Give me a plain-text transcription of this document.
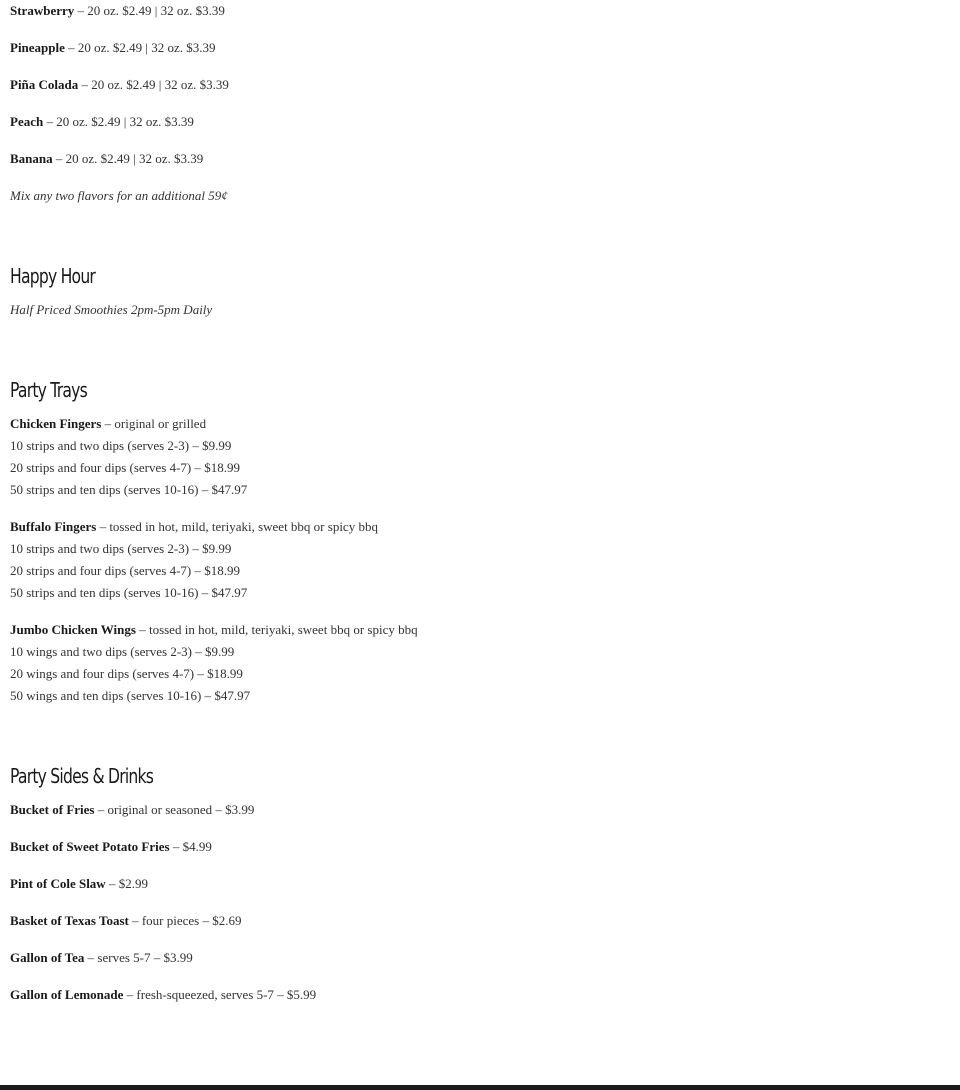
Strawberry – 20 oz. $2.49 | 32 oz. $3.39

Pineapple – 20 oz. $2.49 | 32 oz. $3.39

Piña Colada – 20 oz. $2.49 | 32 oz. $3.39

Peach – 20 oz. $2.49 | 32 oz. $3.39

Banana – 20 oz. $2.49 | 32 oz. $3.39

Mix any two flavors for an additional 59¢

Happy Hour

Half Priced Smoothies 2pm-5pm Daily

Party Trays

Chicken Fingers – original or grilled

10 strips and two dips (serves 2-3) – $9.99

20 strips and four dips (serves 4-7) – $18.99

50 strips and ten dips (serves 10-16) – $47.97

Buffalo Fingers – tossed in hot, mild, teriyaki, sweet bbq or spicy bbq

10 strips and two dips (serves 2-3) – $9.99

20 strips and four dips (serves 4-7) – $18.99

50 strips and ten dips (serves 10-16) – $47.97

Jumbo Chicken Wings – tossed in hot, mild, teriyaki, sweet bbq or spicy bbq

10 wings and two dips (serves 2-3) – $9.99

20 wings and four dips (serves 4-7) – $18.99

50 wings and ten dips (serves 10-16) – $47.97

Party Sides & Drinks

Bucket of Fries – original or seasoned – $3.99

Bucket of Sweet Potato Fries – $4.99

Pint of Cole Slaw – $2.99

Basket of Texas Toast – four pieces – $2.69

Gallon of Tea – serves 5-7 – $3.99

Gallon of Lemonade – fresh-squeezed, serves 5-7 – $5.99
